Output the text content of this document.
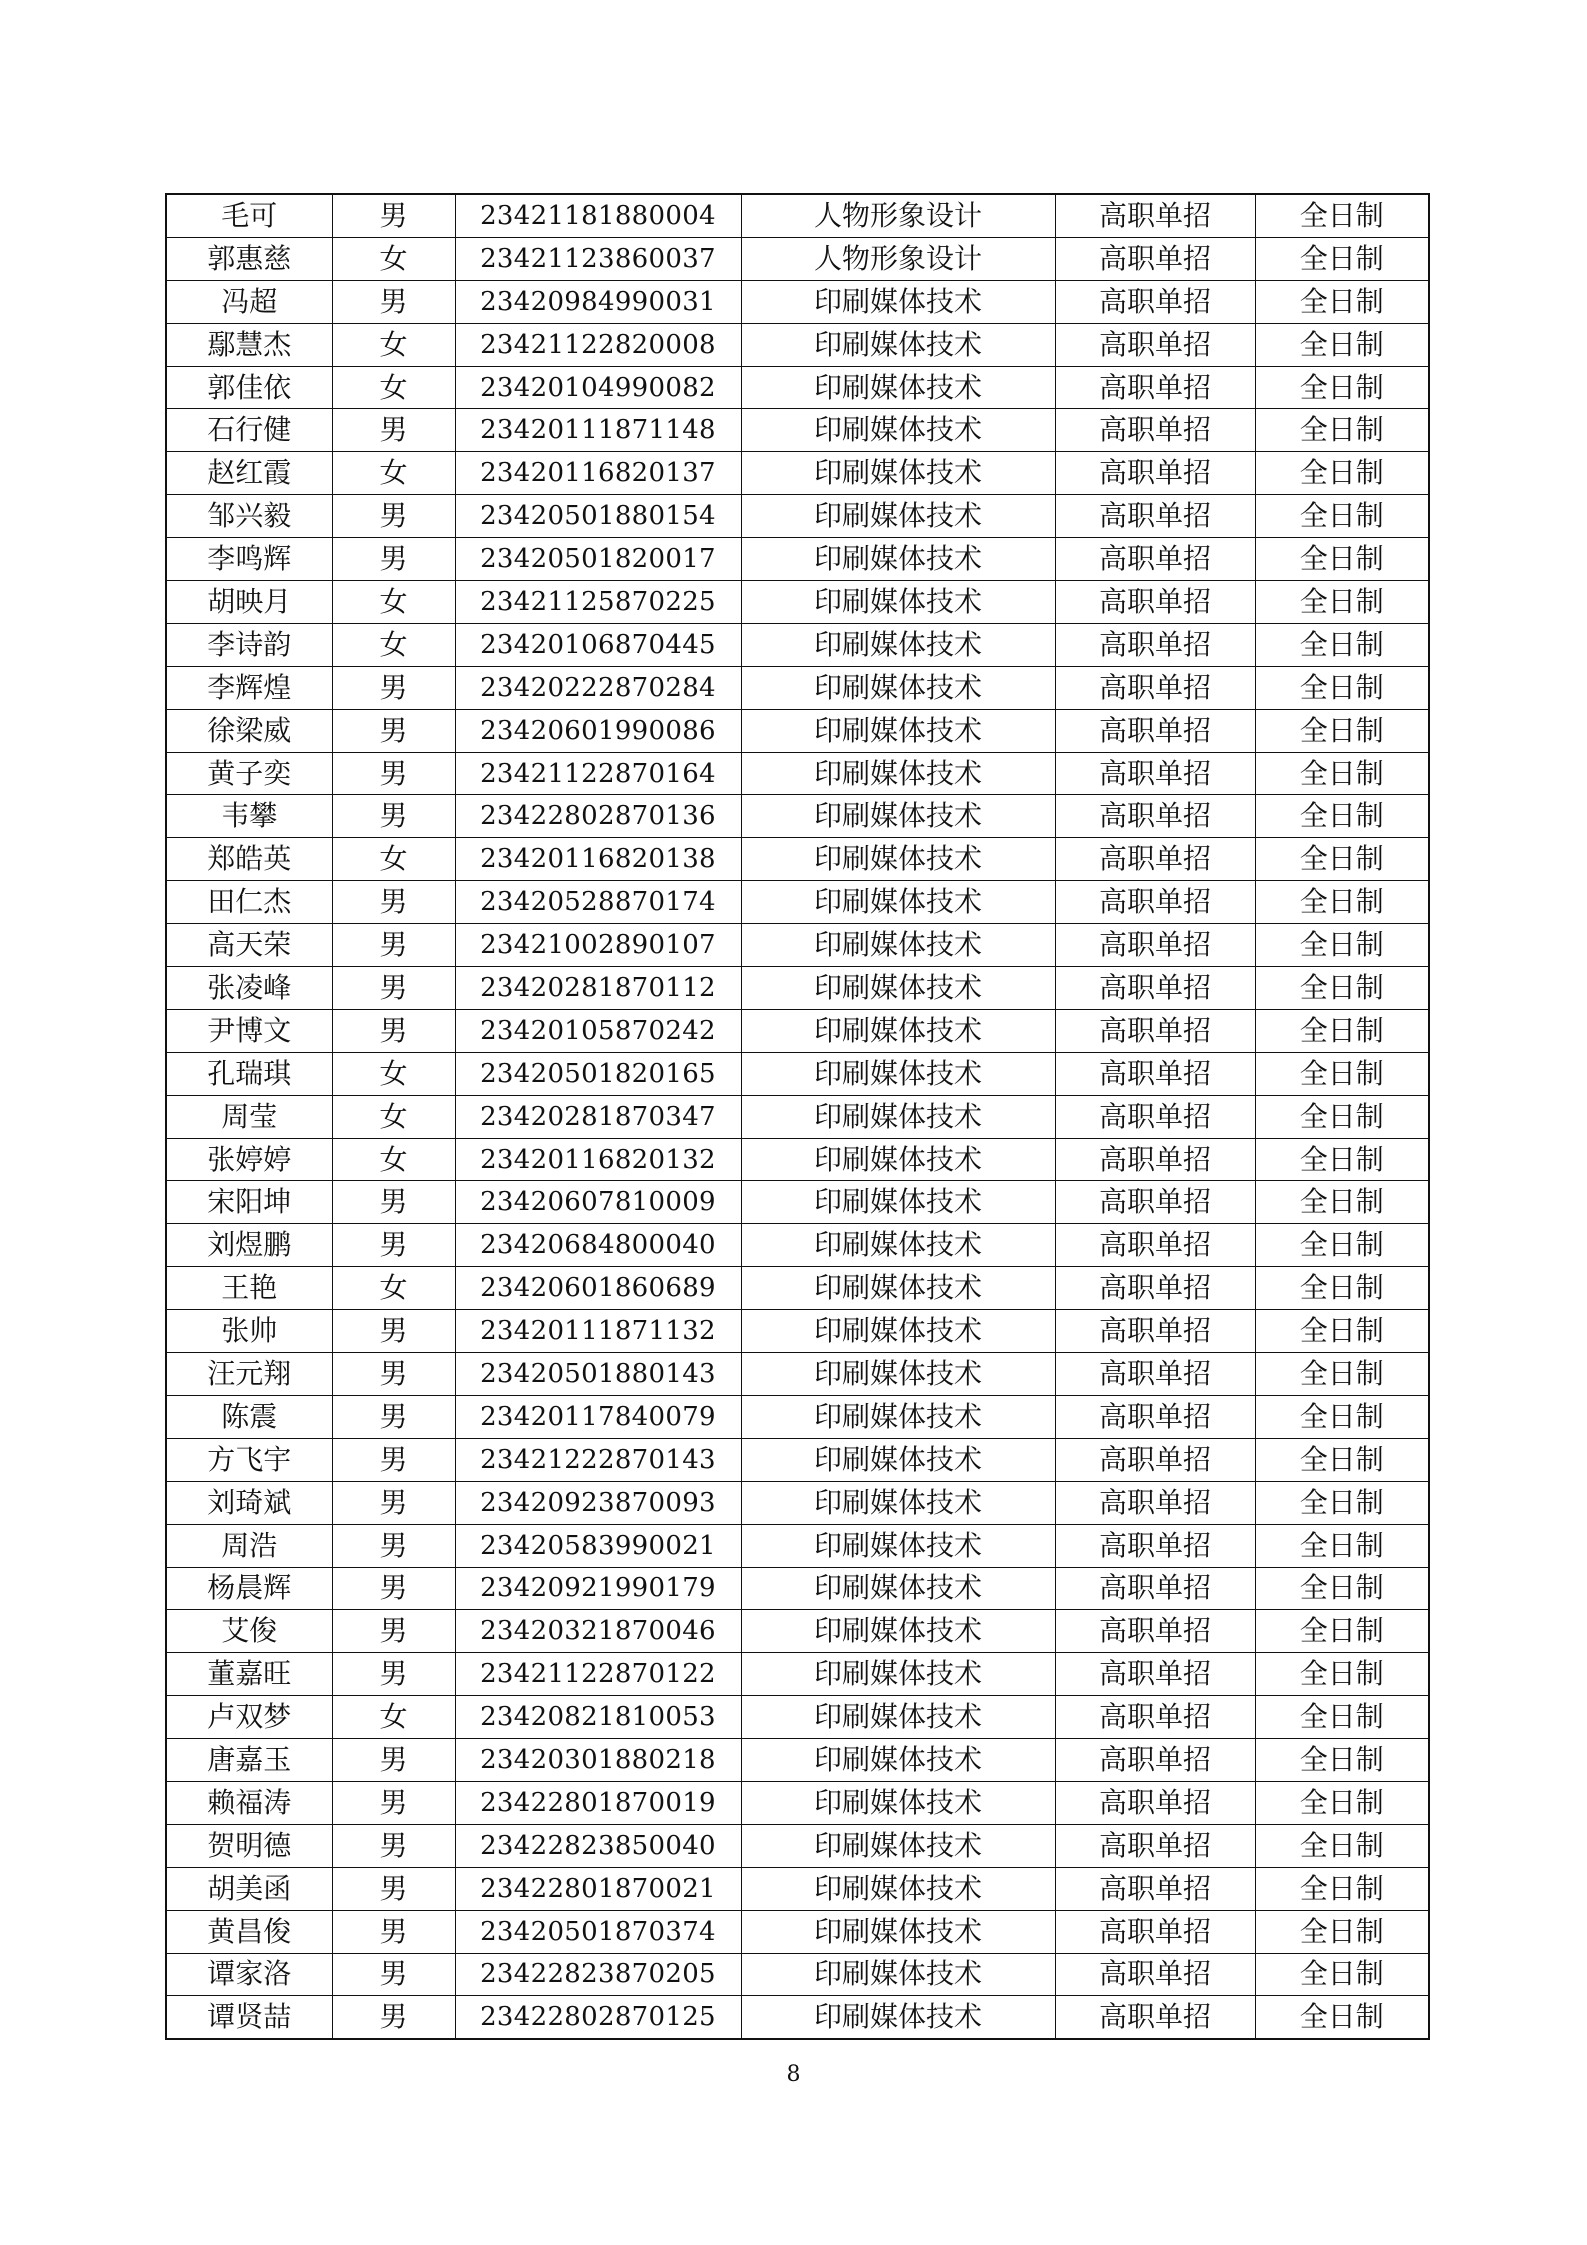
毛可	男	23421181880004	人物形象设计	高职单招	全日制
郭惠慈	女	23421123860037	人物形象设计	高职单招	全日制
冯超	男	23420984990031	印刷媒体技术	高职单招	全日制
鄢慧杰	女	23421122820008	印刷媒体技术	高职单招	全日制
郭佳依	女	23420104990082	印刷媒体技术	高职单招	全日制
石行健	男	23420111871148	印刷媒体技术	高职单招	全日制
赵红霞	女	23420116820137	印刷媒体技术	高职单招	全日制
邹兴毅	男	23420501880154	印刷媒体技术	高职单招	全日制
李鸣辉	男	23420501820017	印刷媒体技术	高职单招	全日制
胡映月	女	23421125870225	印刷媒体技术	高职单招	全日制
李诗韵	女	23420106870445	印刷媒体技术	高职单招	全日制
李辉煌	男	23420222870284	印刷媒体技术	高职单招	全日制
徐梁威	男	23420601990086	印刷媒体技术	高职单招	全日制
黄子奕	男	23421122870164	印刷媒体技术	高职单招	全日制
韦攀	男	23422802870136	印刷媒体技术	高职单招	全日制
郑皓英	女	23420116820138	印刷媒体技术	高职单招	全日制
田仁杰	男	23420528870174	印刷媒体技术	高职单招	全日制
高天荣	男	23421002890107	印刷媒体技术	高职单招	全日制
张凌峰	男	23420281870112	印刷媒体技术	高职单招	全日制
尹博文	男	23420105870242	印刷媒体技术	高职单招	全日制
孔瑞琪	女	23420501820165	印刷媒体技术	高职单招	全日制
周莹	女	23420281870347	印刷媒体技术	高职单招	全日制
张婷婷	女	23420116820132	印刷媒体技术	高职单招	全日制
宋阳坤	男	23420607810009	印刷媒体技术	高职单招	全日制
刘煜鹏	男	23420684800040	印刷媒体技术	高职单招	全日制
王艳	女	23420601860689	印刷媒体技术	高职单招	全日制
张帅	男	23420111871132	印刷媒体技术	高职单招	全日制
汪元翔	男	23420501880143	印刷媒体技术	高职单招	全日制
陈震	男	23420117840079	印刷媒体技术	高职单招	全日制
方飞宇	男	23421222870143	印刷媒体技术	高职单招	全日制
刘琦斌	男	23420923870093	印刷媒体技术	高职单招	全日制
周浩	男	23420583990021	印刷媒体技术	高职单招	全日制
杨晨辉	男	23420921990179	印刷媒体技术	高职单招	全日制
艾俊	男	23420321870046	印刷媒体技术	高职单招	全日制
董嘉旺	男	23421122870122	印刷媒体技术	高职单招	全日制
卢双梦	女	23420821810053	印刷媒体技术	高职单招	全日制
唐嘉玉	男	23420301880218	印刷媒体技术	高职单招	全日制
赖福涛	男	23422801870019	印刷媒体技术	高职单招	全日制
贺明德	男	23422823850040	印刷媒体技术	高职单招	全日制
胡美函	男	23422801870021	印刷媒体技术	高职单招	全日制
黄昌俊	男	23420501870374	印刷媒体技术	高职单招	全日制
谭家洛	男	23422823870205	印刷媒体技术	高职单招	全日制
谭贤喆	男	23422802870125	印刷媒体技术	高职单招	全日制
8
